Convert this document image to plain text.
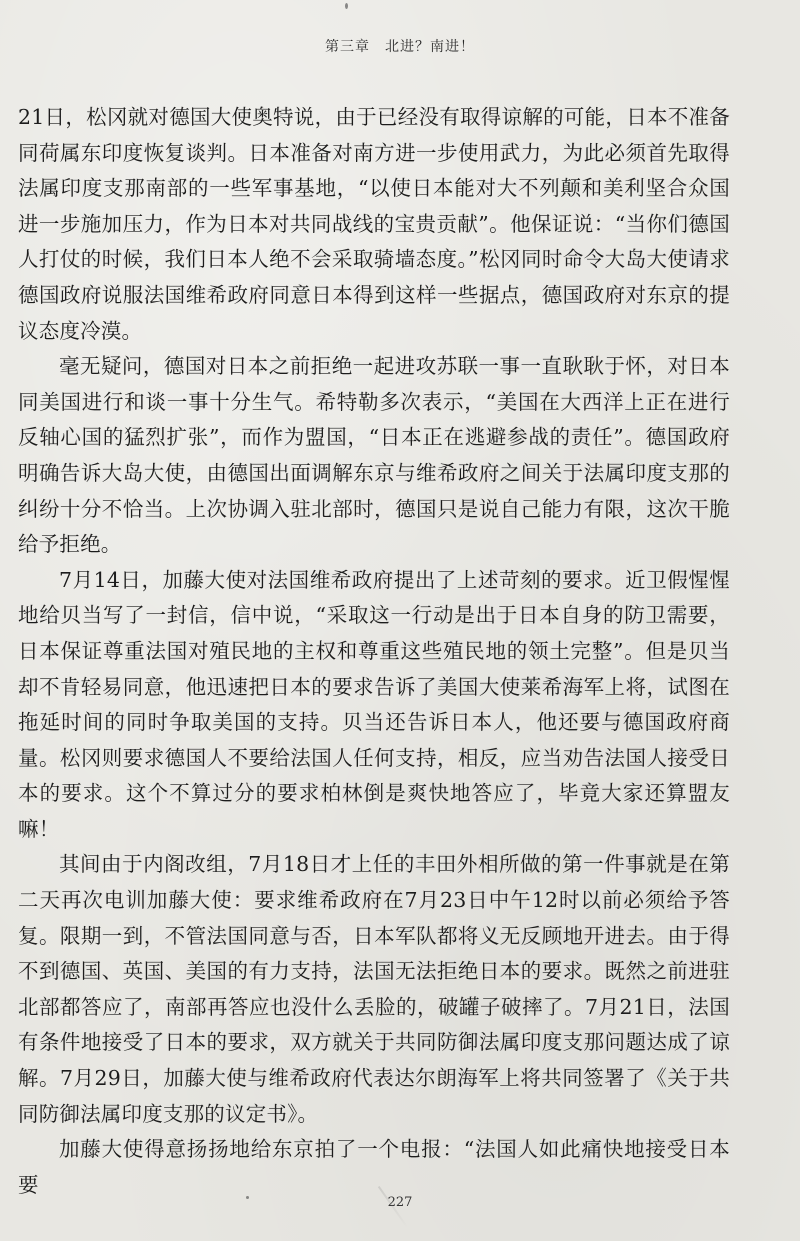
第三章　北进？南进！

21日，松冈就对德国大使奥特说，由于已经没有取得谅解的可能，日本不准备同荷属东印度恢复谈判。日本准备对南方进一步使用武力，为此必须首先取得法属印度支那南部的一些军事基地，“以使日本能对大不列颠和美利坚合众国进一步施加压力，作为日本对共同战线的宝贵贡献”。他保证说：“当你们德国人打仗的时候，我们日本人绝不会采取骑墙态度。”松冈同时命令大岛大使请求德国政府说服法国维希政府同意日本得到这样一些据点，德国政府对东京的提议态度冷漠。

毫无疑问，德国对日本之前拒绝一起进攻苏联一事一直耿耿于怀，对日本同美国进行和谈一事十分生气。希特勒多次表示，“美国在大西洋上正在进行反轴心国的猛烈扩张”，而作为盟国，“日本正在逃避参战的责任”。德国政府明确告诉大岛大使，由德国出面调解东京与维希政府之间关于法属印度支那的纠纷十分不恰当。上次协调入驻北部时，德国只是说自己能力有限，这次干脆给予拒绝。

7月14日，加藤大使对法国维希政府提出了上述苛刻的要求。近卫假惺惺地给贝当写了一封信，信中说，“采取这一行动是出于日本自身的防卫需要，日本保证尊重法国对殖民地的主权和尊重这些殖民地的领土完整”。但是贝当却不肯轻易同意，他迅速把日本的要求告诉了美国大使莱希海军上将，试图在拖延时间的同时争取美国的支持。贝当还告诉日本人，他还要与德国政府商量。松冈则要求德国人不要给法国人任何支持，相反，应当劝告法国人接受日本的要求。这个不算过分的要求柏林倒是爽快地答应了，毕竟大家还算盟友嘛！

其间由于内阁改组，7月18日才上任的丰田外相所做的第一件事就是在第二天再次电训加藤大使：要求维希政府在7月23日中午12时以前必须给予答复。限期一到，不管法国同意与否，日本军队都将义无反顾地开进去。由于得不到德国、英国、美国的有力支持，法国无法拒绝日本的要求。既然之前进驻北部都答应了，南部再答应也没什么丢脸的，破罐子破摔了。7月21日，法国有条件地接受了日本的要求，双方就关于共同防御法属印度支那问题达成了谅解。7月29日，加藤大使与维希政府代表达尔朗海军上将共同签署了《关于共同防御法属印度支那的议定书》。

加藤大使得意扬扬地给东京拍了一个电报：“法国人如此痛快地接受日本要

227
